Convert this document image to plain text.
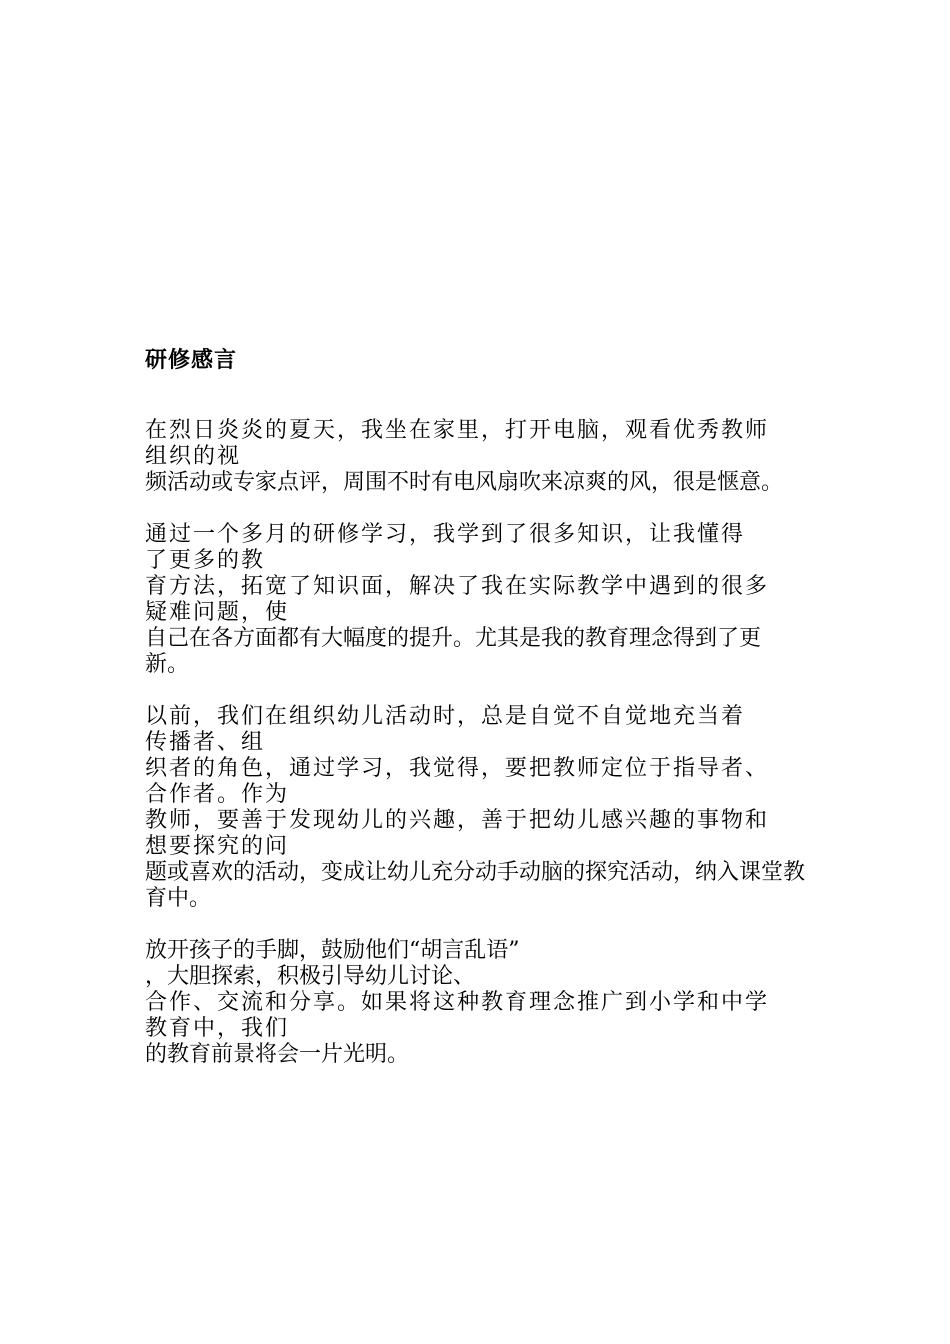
研修感言
在烈日炎炎的夏天，我坐在家里，打开电脑，观看优秀教师
组织的视
频活动或专家点评，周围不时有电风扇吹来凉爽的风，很是惬意。
通过一个多月的研修学习，我学到了很多知识，让我懂得
了更多的教
育方法，拓宽了知识面，解决了我在实际教学中遇到的很多
疑难问题，使
自己在各方面都有大幅度的提升。尤其是我的教育理念得到了更
新。
以前，我们在组织幼儿活动时，总是自觉不自觉地充当着
传播者、组
织者的角色，通过学习，我觉得，要把教师定位于指导者、
合作者。作为
教师，要善于发现幼儿的兴趣，善于把幼儿感兴趣的事物和
想要探究的问
题或喜欢的活动，变成让幼儿充分动手动脑的探究活动，纳入课堂教
育中。
放开孩子的手脚，鼓励他们“胡言乱语”
，大胆探索，积极引导幼儿讨论、
合作、交流和分享。如果将这种教育理念推广到小学和中学
教育中，我们
的教育前景将会一片光明。
